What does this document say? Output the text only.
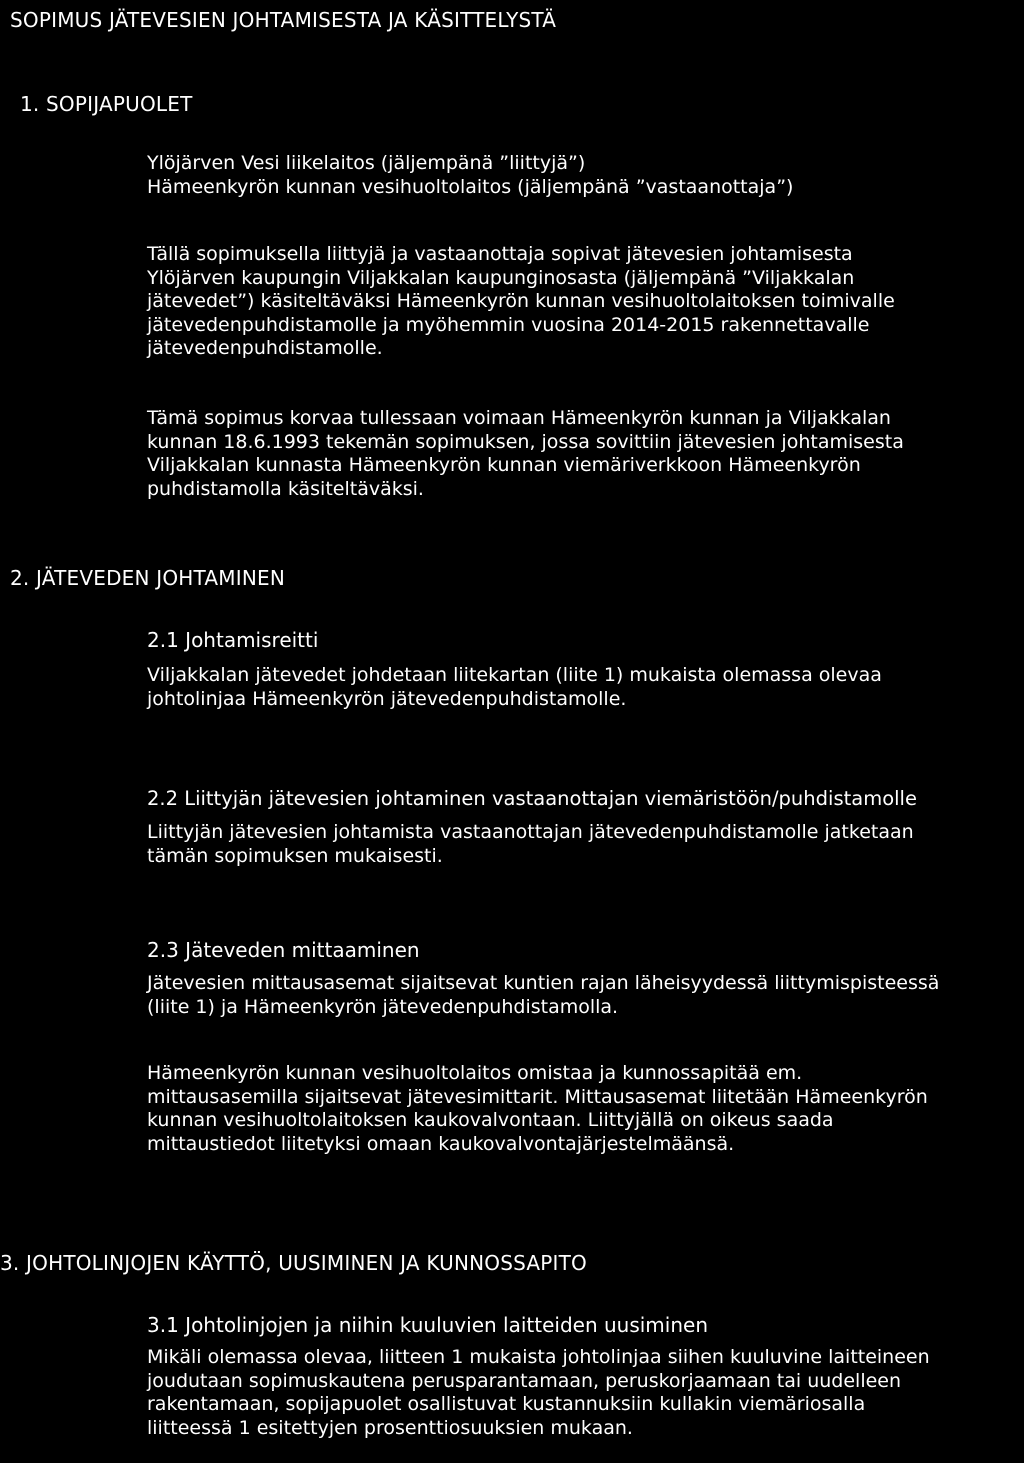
SOPIMUS JÄTEVESIEN JOHTAMISESTA JA KÄSITTELYSTÄ
1. SOPIJAPUOLET
Ylöjärven Vesi liikelaitos (jäljempänä ”liittyjä”)
Hämeenkyrön kunnan vesihuoltolaitos (jäljempänä ”vastaanottaja”)
Tällä sopimuksella liittyjä ja vastaanottaja sopivat jätevesien johtamisesta
Ylöjärven kaupungin Viljakkalan kaupunginosasta (jäljempänä ”Viljakkalan
jätevedet”) käsiteltäväksi Hämeenkyrön kunnan vesihuoltolaitoksen toimivalle
jätevedenpuhdistamolle ja myöhemmin vuosina 2014-2015 rakennettavalle
jätevedenpuhdistamolle.
Tämä sopimus korvaa tullessaan voimaan Hämeenkyrön kunnan ja Viljakkalan
kunnan 18.6.1993 tekemän sopimuksen, jossa sovittiin jätevesien johtamisesta
Viljakkalan kunnasta Hämeenkyrön kunnan viemäriverkkoon Hämeenkyrön
puhdistamolla käsiteltäväksi.
2. JÄTEVEDEN JOHTAMINEN
2.1 Johtamisreitti
Viljakkalan jätevedet johdetaan liitekartan (liite 1) mukaista olemassa olevaa
johtolinjaa Hämeenkyrön jätevedenpuhdistamolle.
2.2 Liittyjän jätevesien johtaminen vastaanottajan viemäristöön/puhdistamolle
Liittyjän jätevesien johtamista vastaanottajan jätevedenpuhdistamolle jatketaan
tämän sopimuksen mukaisesti.
2.3 Jäteveden mittaaminen
Jätevesien mittausasemat sijaitsevat kuntien rajan läheisyydessä liittymispisteessä
(liite 1) ja Hämeenkyrön jätevedenpuhdistamolla.
Hämeenkyrön kunnan vesihuoltolaitos omistaa ja kunnossapitää em.
mittausasemilla sijaitsevat jätevesimittarit. Mittausasemat liitetään Hämeenkyrön
kunnan vesihuoltolaitoksen kaukovalvontaan. Liittyjällä on oikeus saada
mittaustiedot liitetyksi omaan kaukovalvontajärjestelmäänsä.
3. JOHTOLINJOJEN KÄYTTÖ, UUSIMINEN JA KUNNOSSAPITO
3.1 Johtolinjojen ja niihin kuuluvien laitteiden uusiminen
Mikäli olemassa olevaa, liitteen 1 mukaista johtolinjaa siihen kuuluvine laitteineen
joudutaan sopimuskautena perusparantamaan, peruskorjaamaan tai uudelleen
rakentamaan, sopijapuolet osallistuvat kustannuksiin kullakin viemäriosalla
liitteessä 1 esitettyjen prosenttiosuuksien mukaan.
